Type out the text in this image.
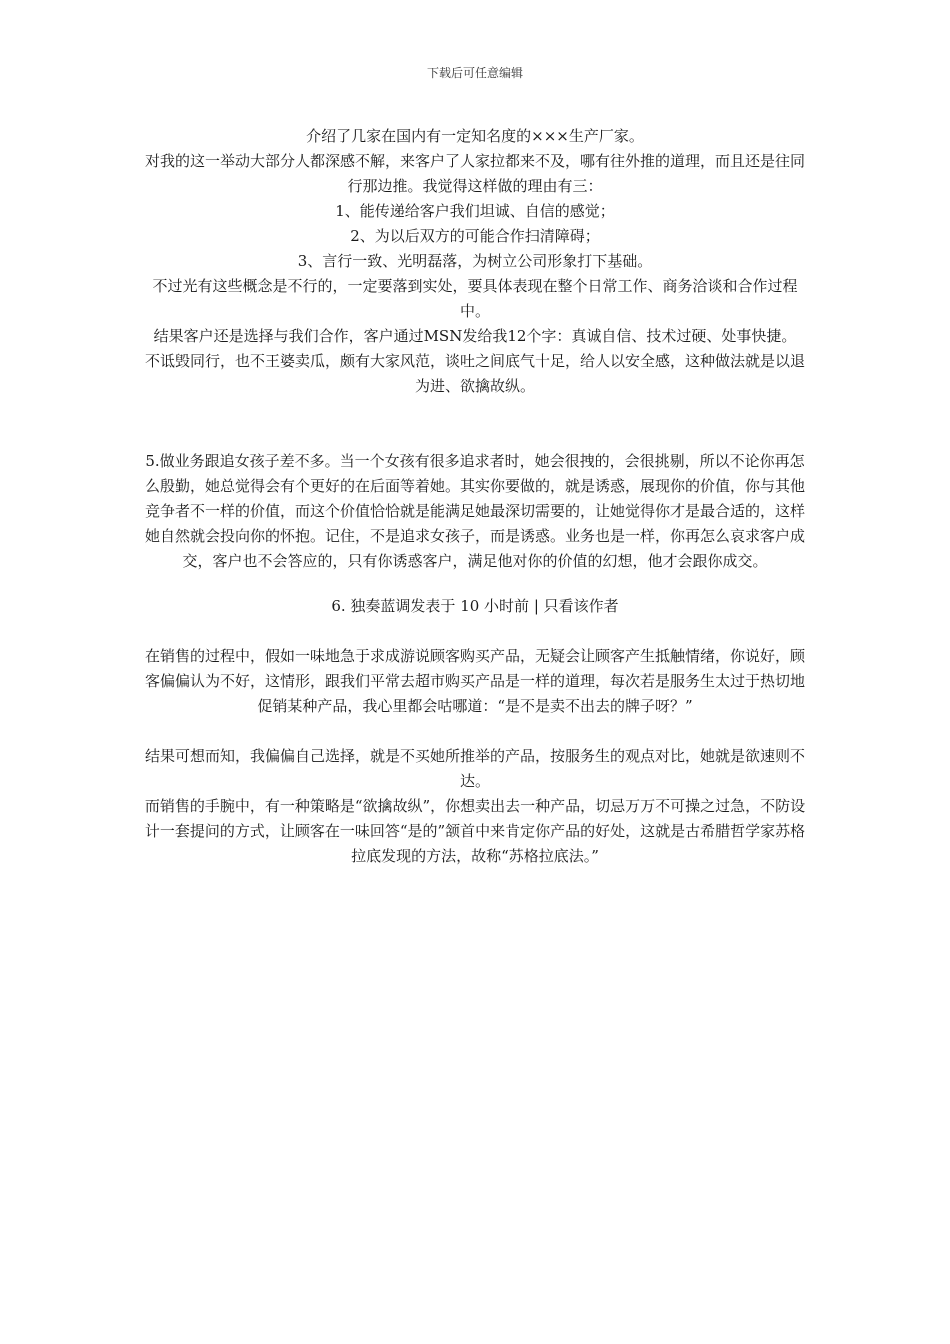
下载后可任意编辑

介绍了几家在国内有一定知名度的×××生产厂家。

对我的这一举动大部分人都深感不解，来客户了人家拉都来不及，哪有往外推的道理，而且还是往同行那边推。我觉得这样做的理由有三：

1、能传递给客户我们坦诚、自信的感觉；

2、为以后双方的可能合作扫清障碍；

3、言行一致、光明磊落，为树立公司形象打下基础。

不过光有这些概念是不行的，一定要落到实处，要具体表现在整个日常工作、商务洽谈和合作过程中。

结果客户还是选择与我们合作，客户通过MSN发给我12个字：真诚自信、技术过硬、处事快捷。

不诋毁同行，也不王婆卖瓜，颇有大家风范，谈吐之间底气十足，给人以安全感，这种做法就是以退为进、欲擒故纵。

5.做业务跟追女孩子差不多。当一个女孩有很多追求者时，她会很拽的，会很挑剔，所以不论你再怎么殷勤，她总觉得会有个更好的在后面等着她。其实你要做的，就是诱惑，展现你的价值，你与其他竞争者不一样的价值，而这个价值恰恰就是能满足她最深切需要的，让她觉得你才是最合适的，这样她自然就会投向你的怀抱。记住，不是追求女孩子，而是诱惑。业务也是一样，你再怎么哀求客户成交，客户也不会答应的，只有你诱惑客户，满足他对你的价值的幻想，他才会跟你成交。

6. 独奏蓝调发表于 10 小时前 | 只看该作者

在销售的过程中，假如一味地急于求成游说顾客购买产品，无疑会让顾客产生抵触情绪，你说好，顾客偏偏认为不好，这情形，跟我们平常去超市购买产品是一样的道理，每次若是服务生太过于热切地促销某种产品，我心里都会咕哪道：“是不是卖不出去的牌子呀？”

结果可想而知，我偏偏自己选择，就是不买她所推举的产品，按服务生的观点对比，她就是欲速则不达。

而销售的手腕中，有一种策略是“欲擒故纵”，你想卖出去一种产品，切忌万万不可操之过急，不防设计一套提问的方式，让顾客在一味回答“是的”颔首中来肯定你产品的好处，这就是古希腊哲学家苏格拉底发现的方法，故称“苏格拉底法。”
